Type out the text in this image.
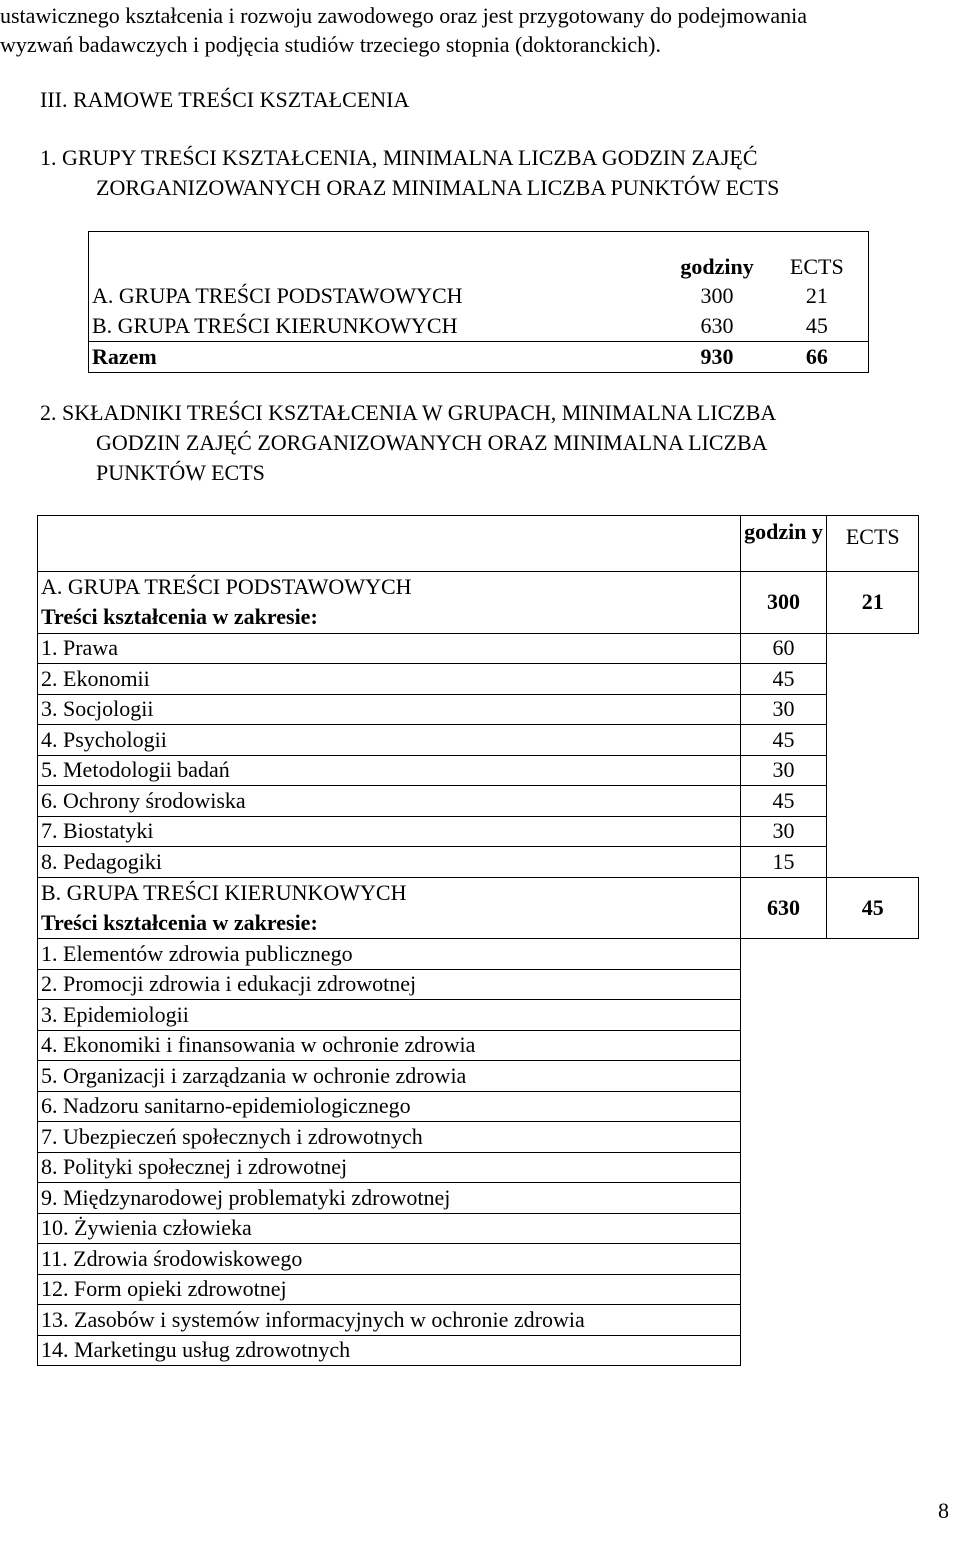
ustawicznego kształcenia i rozwoju zawodowego oraz jest przygotowany do podejmowania
wyzwań badawczych i podjęcia studiów trzeciego stopnia (doktoranckich).
III. RAMOWE TREŚCI KSZTAŁCENIA
1. GRUPY TREŚCI KSZTAŁCENIA, MINIMALNA LICZBA GODZIN ZAJĘĆ
ZORGANIZOWANYCH ORAZ MINIMALNA LICZBA PUNKTÓW ECTS
	godziny	ECTS
A. GRUPA TREŚCI PODSTAWOWYCH	300	21
B. GRUPA TREŚCI KIERUNKOWYCH	630	45
Razem	930	66
2. SKŁADNIKI TREŚCI KSZTAŁCENIA W GRUPACH, MINIMALNA LICZBA
GODZIN ZAJĘĆ ZORGANIZOWANYCH ORAZ MINIMALNA LICZBA
PUNKTÓW ECTS
	godzin y	ECTS

A. GRUPA TREŚCI PODSTAWOWYCH
Treści kształcenia w zakresie:	300	21
1. Prawa	60	
2. Ekonomii	45	
3. Socjologii	30	
4. Psychologii	45	
5. Metodologii badań	30	
6. Ochrony środowiska	45	
7. Biostatyki	30	
8. Pedagogiki	15	

B. GRUPA TREŚCI KIERUNKOWYCH
Treści kształcenia w zakresie:	630	45
1. Elementów zdrowia publicznego		
2. Promocji zdrowia i edukacji zdrowotnej		
3. Epidemiologii		
4. Ekonomiki i finansowania w ochronie zdrowia		
5. Organizacji i zarządzania w ochronie zdrowia		
6. Nadzoru sanitarno-epidemiologicznego		
7. Ubezpieczeń społecznych i zdrowotnych		
8. Polityki społecznej i zdrowotnej		
9. Międzynarodowej problematyki zdrowotnej		
10. Żywienia człowieka		
11. Zdrowia środowiskowego		
12. Form opieki zdrowotnej		
13. Zasobów i systemów informacyjnych w ochronie zdrowia		
14. Marketingu usług zdrowotnych		
8
